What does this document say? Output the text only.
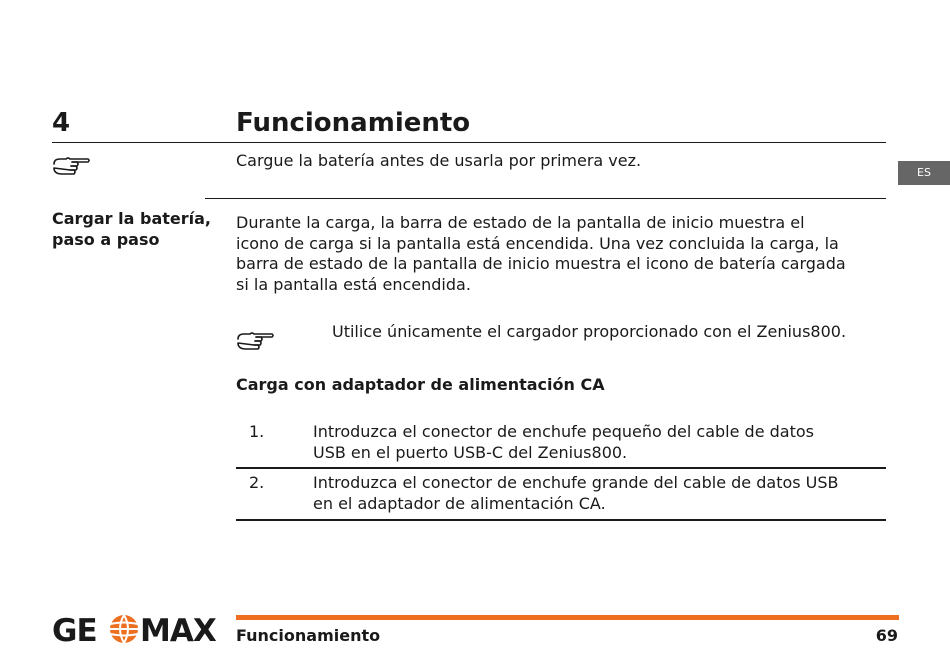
4	Funcionamiento
Cargue la batería antes de usarla por primera vez.
Cargar la batería,
paso a paso
Durante la carga, la barra de estado de la pantalla de inicio muestra el
icono de carga si la pantalla está encendida. Una vez concluida la carga, la
barra de estado de la pantalla de inicio muestra el icono de batería cargada
si la pantalla está encendida.
Utilice únicamente el cargador proporcionado con el Zenius800.
Carga con adaptador de alimentación CA
1.	Introduzca el conector de enchufe pequeño del cable de datos
USB en el puerto USB-C del Zenius800.
2.	Introduzca el conector de enchufe grande del cable de datos USB
en el adaptador de alimentación CA.
ES
GE MAX Funcionamiento	69
